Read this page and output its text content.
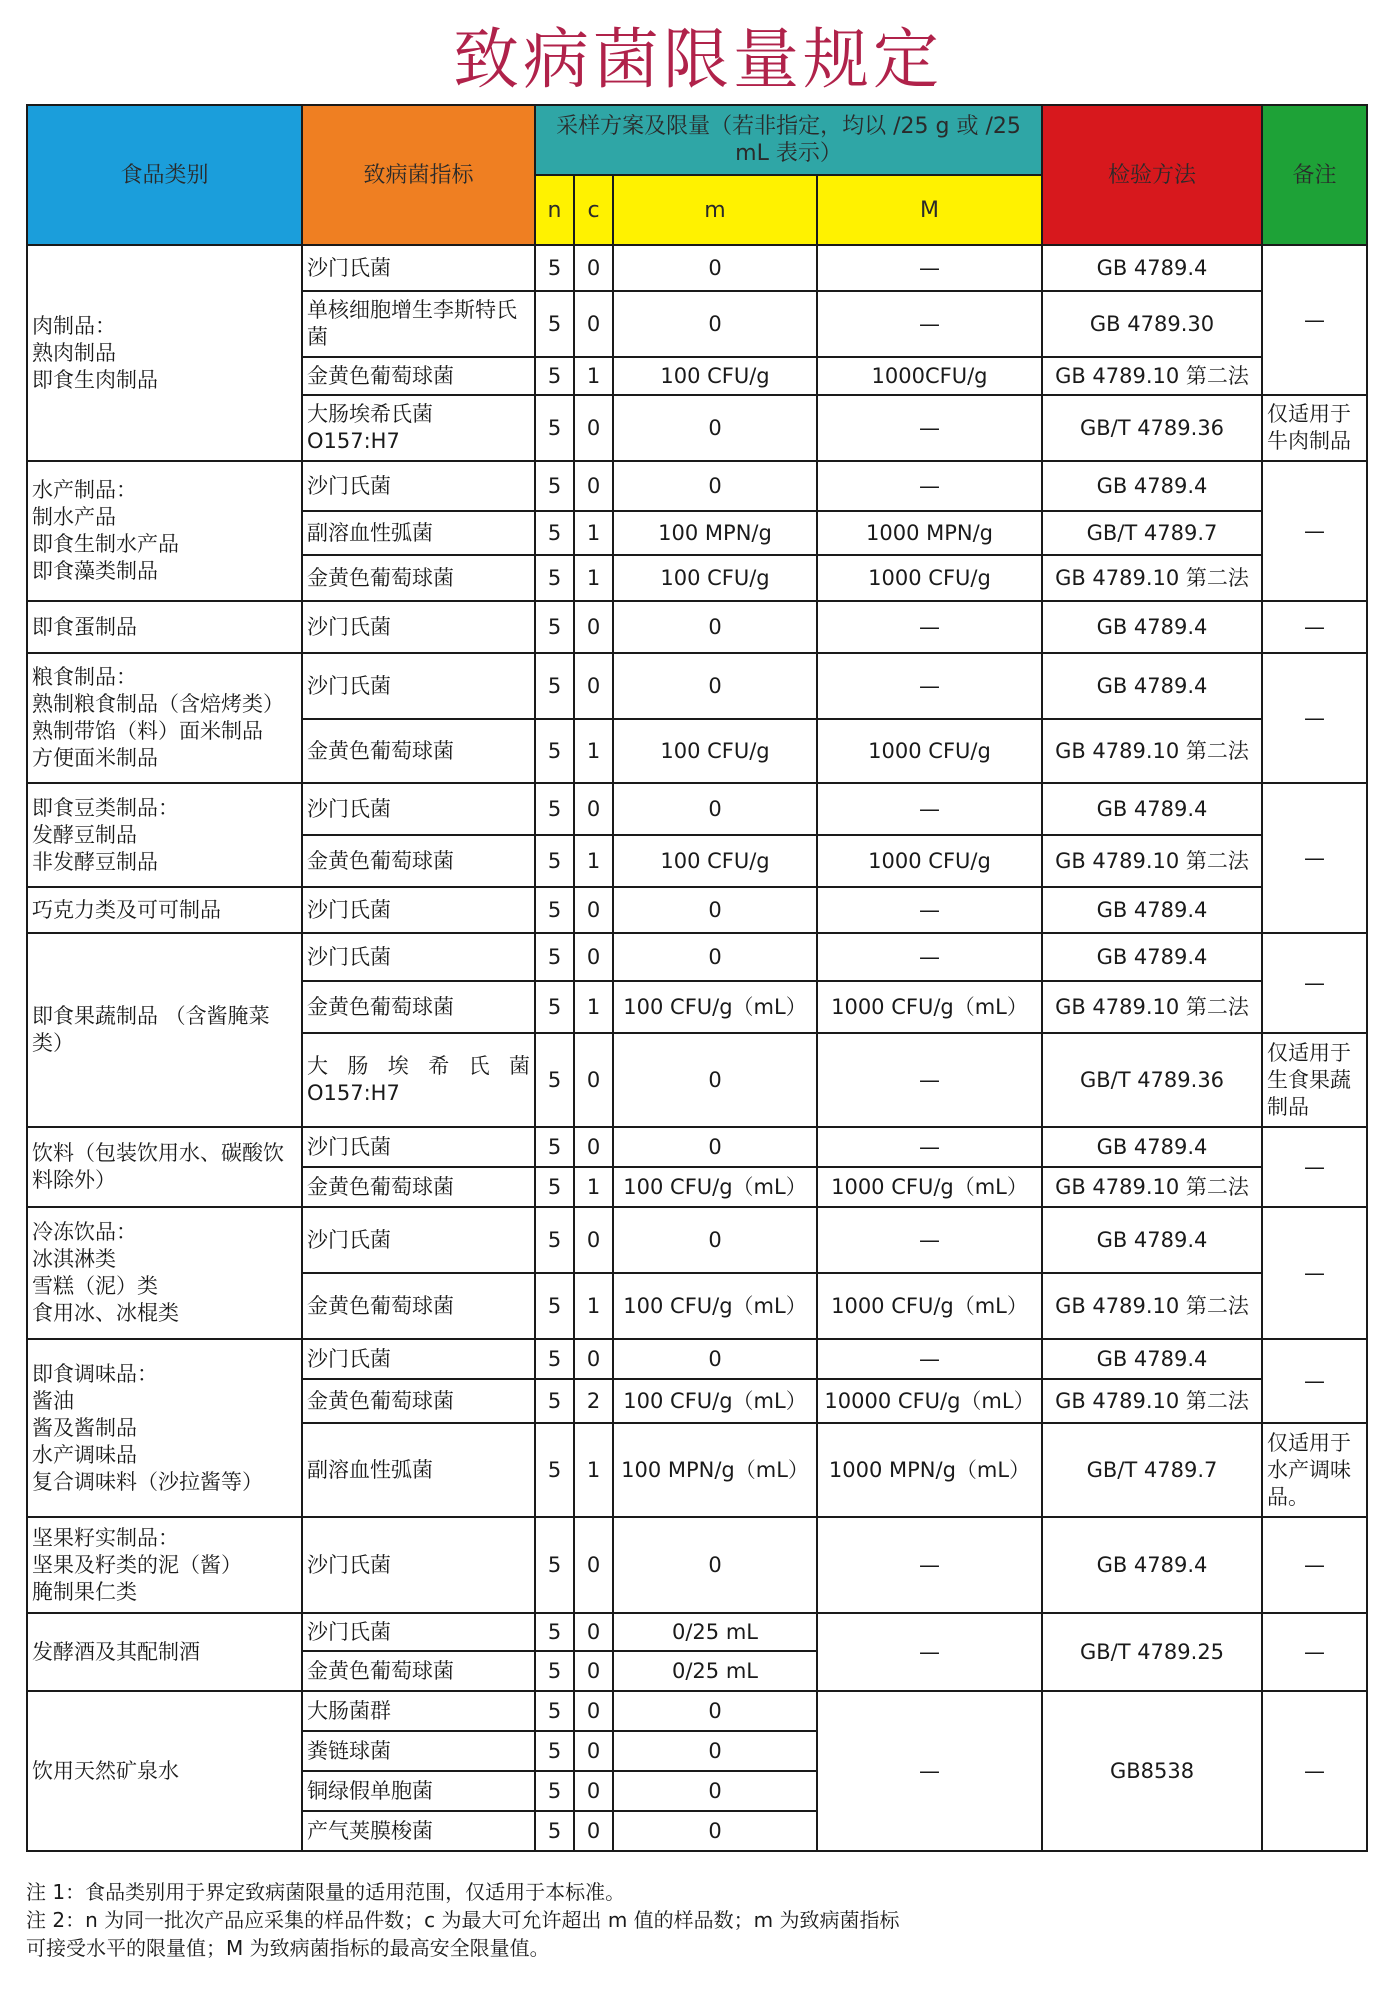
致病菌限量规定
食品类别	致病菌指标	采样方案及限量（若非指定，均以 /25 g 或 /25 mL 表示）				检验方法	备注
		n	c	m	M		
肉制品：
熟肉制品
即食生肉制品	沙门氏菌	5	0	0	—	GB 4789.4	—
	单核细胞增生李斯特氏菌	5	0	0	—	GB 4789.30	
	金黄色葡萄球菌	5	1	100 CFU/g	1000CFU/g	GB 4789.10 第二法	
	大肠埃希氏菌
O157:H7	5	0	0	—	GB/T 4789.36	仅适用于牛肉制品
水产制品：
制水产品
即食生制水产品
即食藻类制品	沙门氏菌	5	0	0	—	GB 4789.4	—
	副溶血性弧菌	5	1	100 MPN/g	1000 MPN/g	GB/T 4789.7	
	金黄色葡萄球菌	5	1	100 CFU/g	1000 CFU/g	GB 4789.10 第二法	
即食蛋制品	沙门氏菌	5	0	0	—	GB 4789.4	—
粮食制品：
熟制粮食制品（含焙烤类）
熟制带馅（料）面米制品
方便面米制品	沙门氏菌	5	0	0	—	GB 4789.4	—
	金黄色葡萄球菌	5	1	100 CFU/g	1000 CFU/g	GB 4789.10 第二法	
即食豆类制品：
发酵豆制品
非发酵豆制品	沙门氏菌	5	0	0	—	GB 4789.4	—
	金黄色葡萄球菌	5	1	100 CFU/g	1000 CFU/g	GB 4789.10 第二法	
巧克力类及可可制品	沙门氏菌	5	0	0	—	GB 4789.4	
即食果蔬制品 （含酱腌菜类）	沙门氏菌	5	0	0	—	GB 4789.4	—
	金黄色葡萄球菌	5	1	100 CFU/g（mL）	1000 CFU/g（mL）	GB 4789.10 第二法	
	大肠埃希氏菌
O157:H7	5	0	0	—	GB/T 4789.36	仅适用于生食果蔬制品
饮料（包装饮用水、碳酸饮料除外）	沙门氏菌	5	0	0	—	GB 4789.4	—
	金黄色葡萄球菌	5	1	100 CFU/g（mL）	1000 CFU/g（mL）	GB 4789.10 第二法	
冷冻饮品：
冰淇淋类
雪糕（泥）类
食用冰、冰棍类	沙门氏菌	5	0	0	—	GB 4789.4	—
	金黄色葡萄球菌	5	1	100 CFU/g（mL）	1000 CFU/g（mL）	GB 4789.10 第二法	
即食调味品：
酱油
酱及酱制品
水产调味品
复合调味料（沙拉酱等）	沙门氏菌	5	0	0	—	GB 4789.4	—
	金黄色葡萄球菌	5	2	100 CFU/g（mL）	10000 CFU/g（mL）	GB 4789.10 第二法	
	副溶血性弧菌	5	1	100 MPN/g（mL）	1000 MPN/g（mL）	GB/T 4789.7	仅适用于水产调味品。
坚果籽实制品：
坚果及籽类的泥（酱）
腌制果仁类	沙门氏菌	5	0	0	—	GB 4789.4	—
发酵酒及其配制酒	沙门氏菌	5	0	0/25 mL	—	GB/T 4789.25	—
	金黄色葡萄球菌	5	0	0/25 mL			
饮用天然矿泉水	大肠菌群	5	0	0	—	GB8538	—
	粪链球菌	5	0	0			
	铜绿假单胞菌	5	0	0			
	产气荚膜梭菌	5	0	0			
注 1：食品类别用于界定致病菌限量的适用范围，仅适用于本标准。
注 2：n 为同一批次产品应采集的样品件数；c 为最大可允许超出 m 值的样品数；m 为致病菌指标
可接受水平的限量值；M 为致病菌指标的最高安全限量值。
